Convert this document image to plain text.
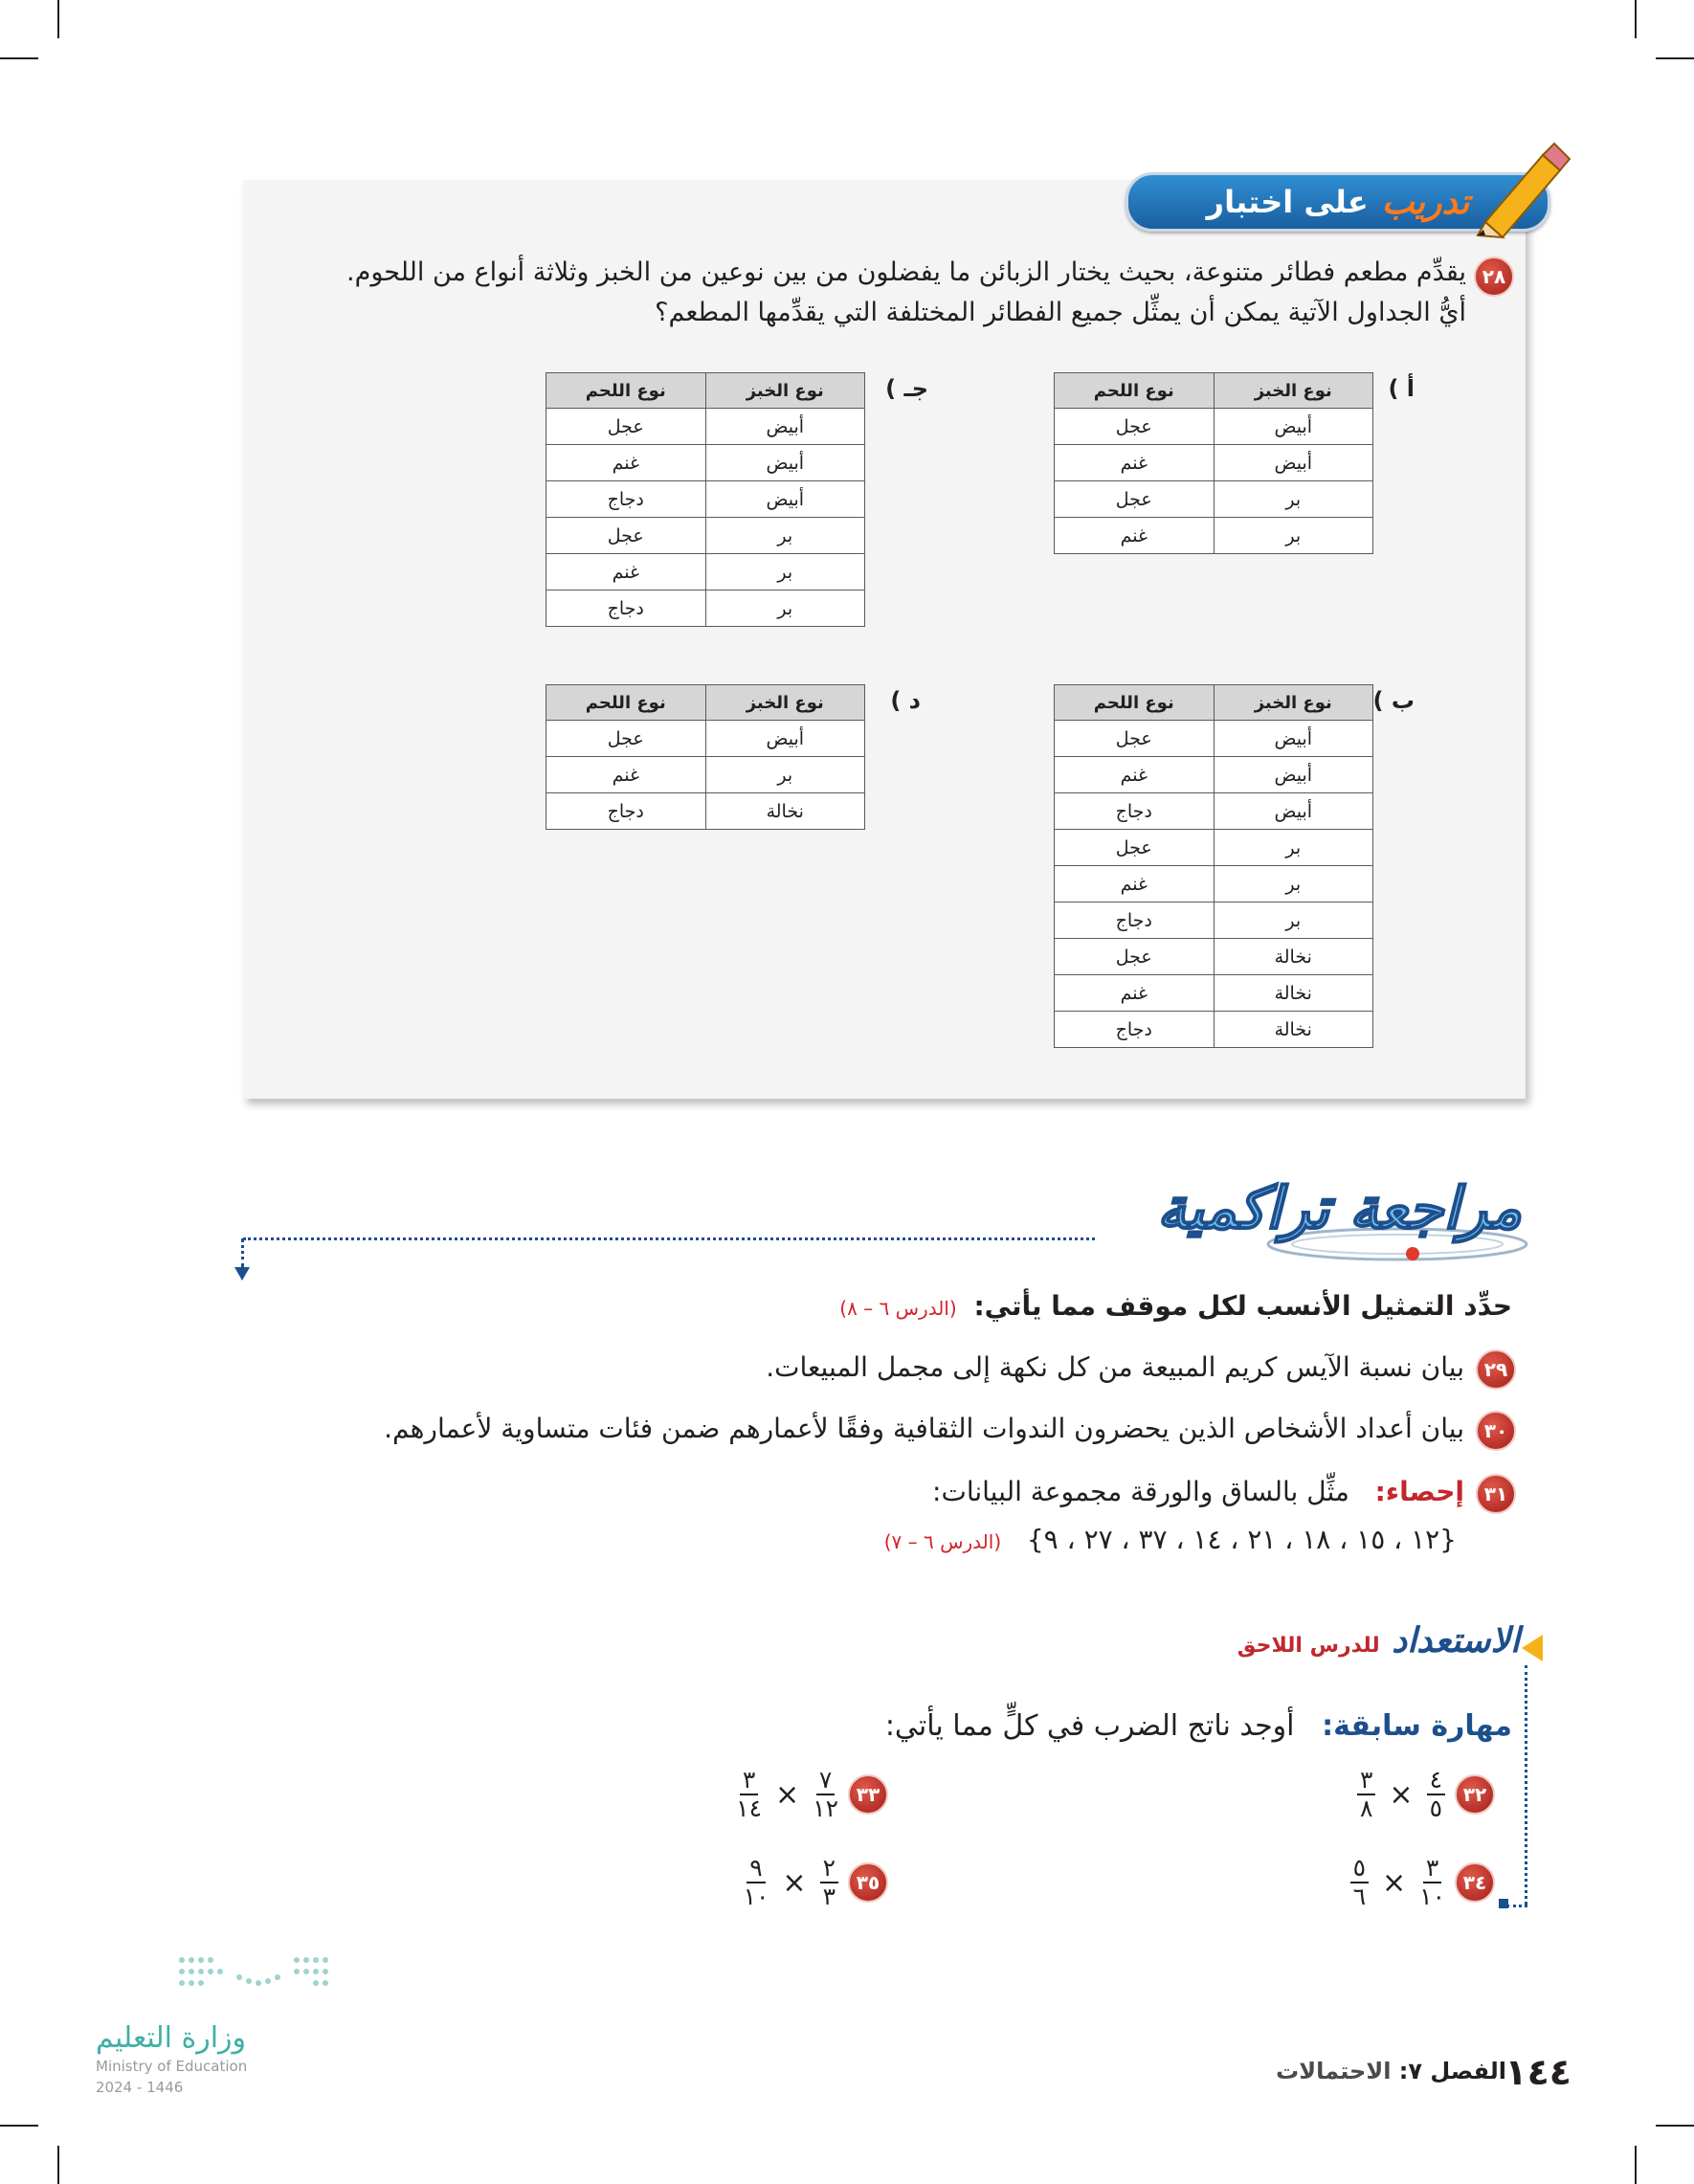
تدريب
على اختبار
٢٨

يقدِّم مطعم فطائر متنوعة، بحيث يختار الزبائن ما يفضلون من بين نوعين من الخبز وثلاثة أنواع من اللحوم.
أيُّ الجداول الآتية يمكن أن يمثِّل جميع الفطائر المختلفة التي يقدِّمها المطعم؟

أ )
جـ )
ب )
د )
نوع الخبز	نوع اللحم
أبيض	عجل
أبيض	غنم
بر	عجل
بر	غنم
نوع الخبز	نوع اللحم
أبيض	عجل
أبيض	غنم
أبيض	دجاج
بر	عجل
بر	غنم
بر	دجاج
نوع الخبز	نوع اللحم
أبيض	عجل
أبيض	غنم
أبيض	دجاج
بر	عجل
بر	غنم
بر	دجاج
نخالة	عجل
نخالة	غنم
نخالة	دجاج
نوع الخبز	نوع اللحم
أبيض	عجل
بر	غنم
نخالة	دجاج
مراجعة تراكمية

حدِّد التمثيل الأنسب لكل موقف مما يأتي:  (الدرس ٦ – ٨)

٢٩

بيان نسبة الآيس كريم المبيعة من كل نكهة إلى مجمل المبيعات.

٣٠

بيان أعداد الأشخاص الذين يحضرون الندوات الثقافية وفقًا لأعمارهم ضمن فئات متساوية لأعمارهم.

٣١

إحصاء:   مثِّل بالساق والورقة مجموعة البيانات:

{١٢ ، ١٥ ، ١٨ ، ٢١ ، ١٤ ، ٣٧ ، ٢٧ ، ٩}   (الدرس ٦ – ٧)

الاستعداد للدرس اللاحق

مهارة سابقة:   أوجد ناتج الضرب في كلٍّ مما يأتي:

٣٢
$\frac{٤}{٥}$
×
$\frac{٣}{٨}$
٣٣
$\frac{٧}{١٢}$
×
$\frac{٣}{١٤}$
٣٤
$\frac{٣}{١٠}$
×
$\frac{٥}{٦}$
٣٥
$\frac{٢}{٣}$
×
$\frac{٩}{١٠}$
وزارة التعليم
Ministry of Education
2024 - 1446	١٤٤
الفصل ٧: الاحتمالات
